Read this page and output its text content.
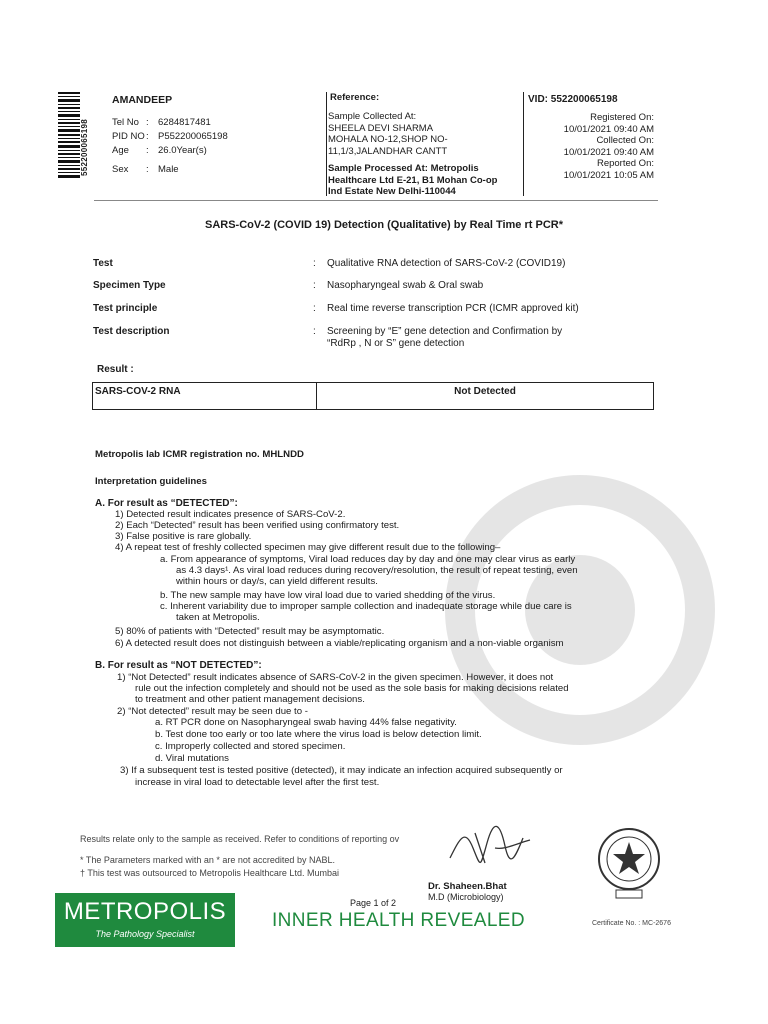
552200065198
AMANDEEP
Tel No : 6284817481
PID NO : P552200065198
Age	: 26.0Year(s)
Sex	: Male
Reference:
Sample Collected At:
SHEELA DEVI SHARMA
MOHALA NO-12,SHOP NO-
11,1/3,JALANDHAR CANTT
Sample Processed At: Metropolis
Healthcare Ltd E-21, B1 Mohan Co-op
Ind Estate New Delhi-110044
VID: 552200065198
Registered On:
10/01/2021 09:40 AM
Collected On:
10/01/2021 09:40 AM
Reported On:
10/01/2021 10:05 AM
SARS-CoV-2 (COVID 19) Detection (Qualitative) by Real Time rt PCR*
Test	:	Qualitative RNA detection of SARS-CoV-2 (COVID19)
Specimen Type	:	Nasopharyngeal swab & Oral swab
Test principle	:	Real time reverse transcription PCR (ICMR approved kit)
Test description	:	Screening by “E” gene detection and Confirmation by
“RdRp , N or S” gene detection
Result :
SARS-COV-2 RNA	Not Detected
Metropolis lab ICMR registration no. MHLNDD
Interpretation guidelines
A. For result as “DETECTED”:
1) Detected result indicates presence of SARS-CoV-2.
2) Each “Detected” result has been verified using confirmatory test.
3) False positive is rare globally.
4) A repeat test of freshly collected specimen may give different result due to the following–
a. From appearance of symptoms, Viral load reduces day by day and one may clear virus as early
as 4.3 days¹. As viral load reduces during recovery/resolution, the result of repeat testing, even
within hours or day/s, can yield different results.
b. The new sample may have low viral load due to varied shedding of the virus.
c. Inherent variability due to improper sample collection and inadequate storage while due care is
taken at Metropolis.
5) 80% of patients with “Detected” result may be asymptomatic.
6) A detected result does not distinguish between a viable/replicating organism and a non-viable organism
B. For result as “NOT DETECTED”:
1) “Not Detected” result indicates absence of SARS-CoV-2 in the given specimen. However, it does not
rule out the infection completely and should not be used as the sole basis for making decisions related
to treatment and other patient management decisions.
2) “Not detected” result may be seen due to -
a. RT PCR done on Nasopharyngeal swab having 44% false negativity.
b. Test done too early or too late where the virus load is below detection limit.
c. Improperly collected and stored specimen.
d. Viral mutations
3) If a subsequent test is tested positive (detected), it may indicate an infection acquired subsequently or
increase in viral load to detectable level after the first test.
Results relate only to the sample as received. Refer to conditions of reporting ov
* The Parameters marked with an * are not accredited by NABL.
† This test was outsourced to Metropolis Healthcare Ltd. Mumbai
Dr. Shaheen.Bhat
M.D (Microbiology)
Page 1 of 2
METROPOLIS
The Pathology Specialist
INNER HEALTH REVEALED	Certificate No. : MC-2676
